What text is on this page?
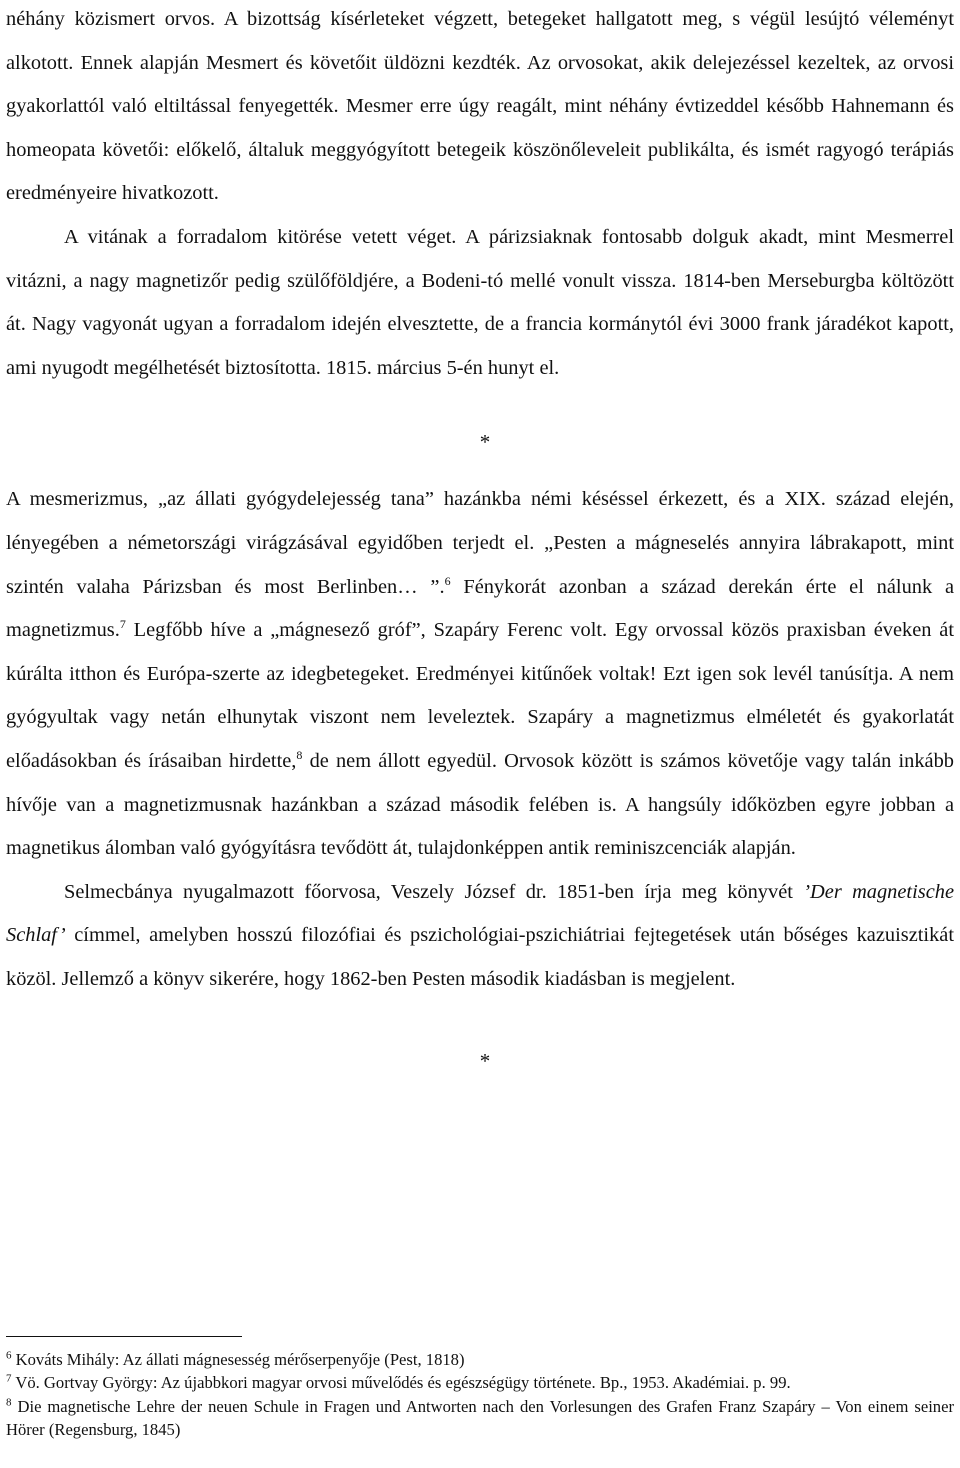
néhány közismert orvos. A bizottság kísérleteket végzett, betegeket hallgatott meg, s végül lesújtó véleményt alkotott. Ennek alapján Mesmert és követőit üldözni kezdték. Az orvosokat, akik delejezéssel kezeltek, az orvosi gyakorlattól való eltiltással fenyegették. Mesmer erre úgy reagált, mint néhány évtizeddel később Hahnemann és homeopata követői: előkelő, általuk meggyógyított betegeik köszönőleveleit publikálta, és ismét ragyogó terápiás eredményeire hivatkozott.

A vitának a forradalom kitörése vetett véget. A párizsiaknak fontosabb dolguk akadt, mint Mesmerrel vitázni, a nagy magnetizőr pedig szülőföldjére, a Bodeni-tó mellé vonult vissza. 1814-ben Merseburgba költözött át. Nagy vagyonát ugyan a forradalom idején elvesztette, de a francia kormánytól évi 3000 frank járadékot kapott, ami nyugodt megélhetését biztosította. 1815. március 5-én hunyt el.

*

A mesmerizmus, „az állati gyógydelejesség tana” hazánkba némi késéssel érkezett, és a XIX. század elején, lényegében a németországi virágzásával egyidőben terjedt el. „Pesten a mágneselés annyira lábrakapott, mint szintén valaha Párizsban és most Berlinben… ”.$^6$ Fénykorát azonban a század derekán érte el nálunk a magnetizmus.$^7$ Legfőbb híve a „mágnesező gróf”, Szapáry Ferenc volt. Egy orvossal közös praxisban éveken át kúrálta itthon és Európa-szerte az idegbetegeket. Eredményei kitűnőek voltak! Ezt igen sok levél tanúsítja. A nem gyógyultak vagy netán elhunytak viszont nem leveleztek. Szapáry a magnetizmus elméletét és gyakorlatát előadásokban és írásaiban hirdette,$^8$ de nem állott egyedül. Orvosok között is számos követője vagy talán inkább hívője van a magnetizmusnak hazánkban a század második felében is. A hangsúly időközben egyre jobban a magnetikus álomban való gyógyításra tevődött át, tulajdonképpen antik reminiszcenciák alapján.

Selmecbánya nyugalmazott főorvosa, Veszely József dr. 1851-ben írja meg könyvét ’Der magnetische Schlaf’ címmel, amelyben hosszú filozófiai és pszichológiai-pszichiátriai fejtegetések után bőséges kazuisztikát közöl. Jellemző a könyv sikerére, hogy 1862-ben Pesten második kiadásban is megjelent.

*

$^6$ Kováts Mihály: Az állati mágnesesség mérőserpenyője (Pest, 1818)

$^7$ Vö. Gortvay György: Az újabbkori magyar orvosi művelődés és egészségügy története. Bp., 1953. Akadémiai. p. 99.

$^8$ Die magnetische Lehre der neuen Schule in Fragen und Antworten nach den Vorlesungen des Grafen Franz Szapáry – Von einem seiner Hörer (Regensburg, 1845)
